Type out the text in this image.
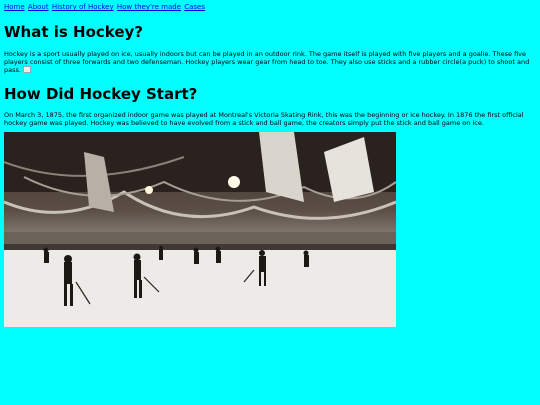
Home About History of Hockey How they're made Cases
What is Hockey?

Hockey is a sport usually played on ice, usually indoors but can be played in an outdoor rink. The game itself is played with five players and a goalie. These five players consist of three forwards and two defenseman. Hockey players wear gear from head to toe. They also use sticks and a rubber circle(a puck) to shoot and pass.

How Did Hockey Start?

On March 3, 1875, the first organized indoor game was played at Montreal's Victoria Skating Rink, this was the beginning or ice hockey. In 1876 the first official hockey game was played. Hockey was believed to have evolved from a stick and ball game, the creators simply put the stick and ball game on ice.
